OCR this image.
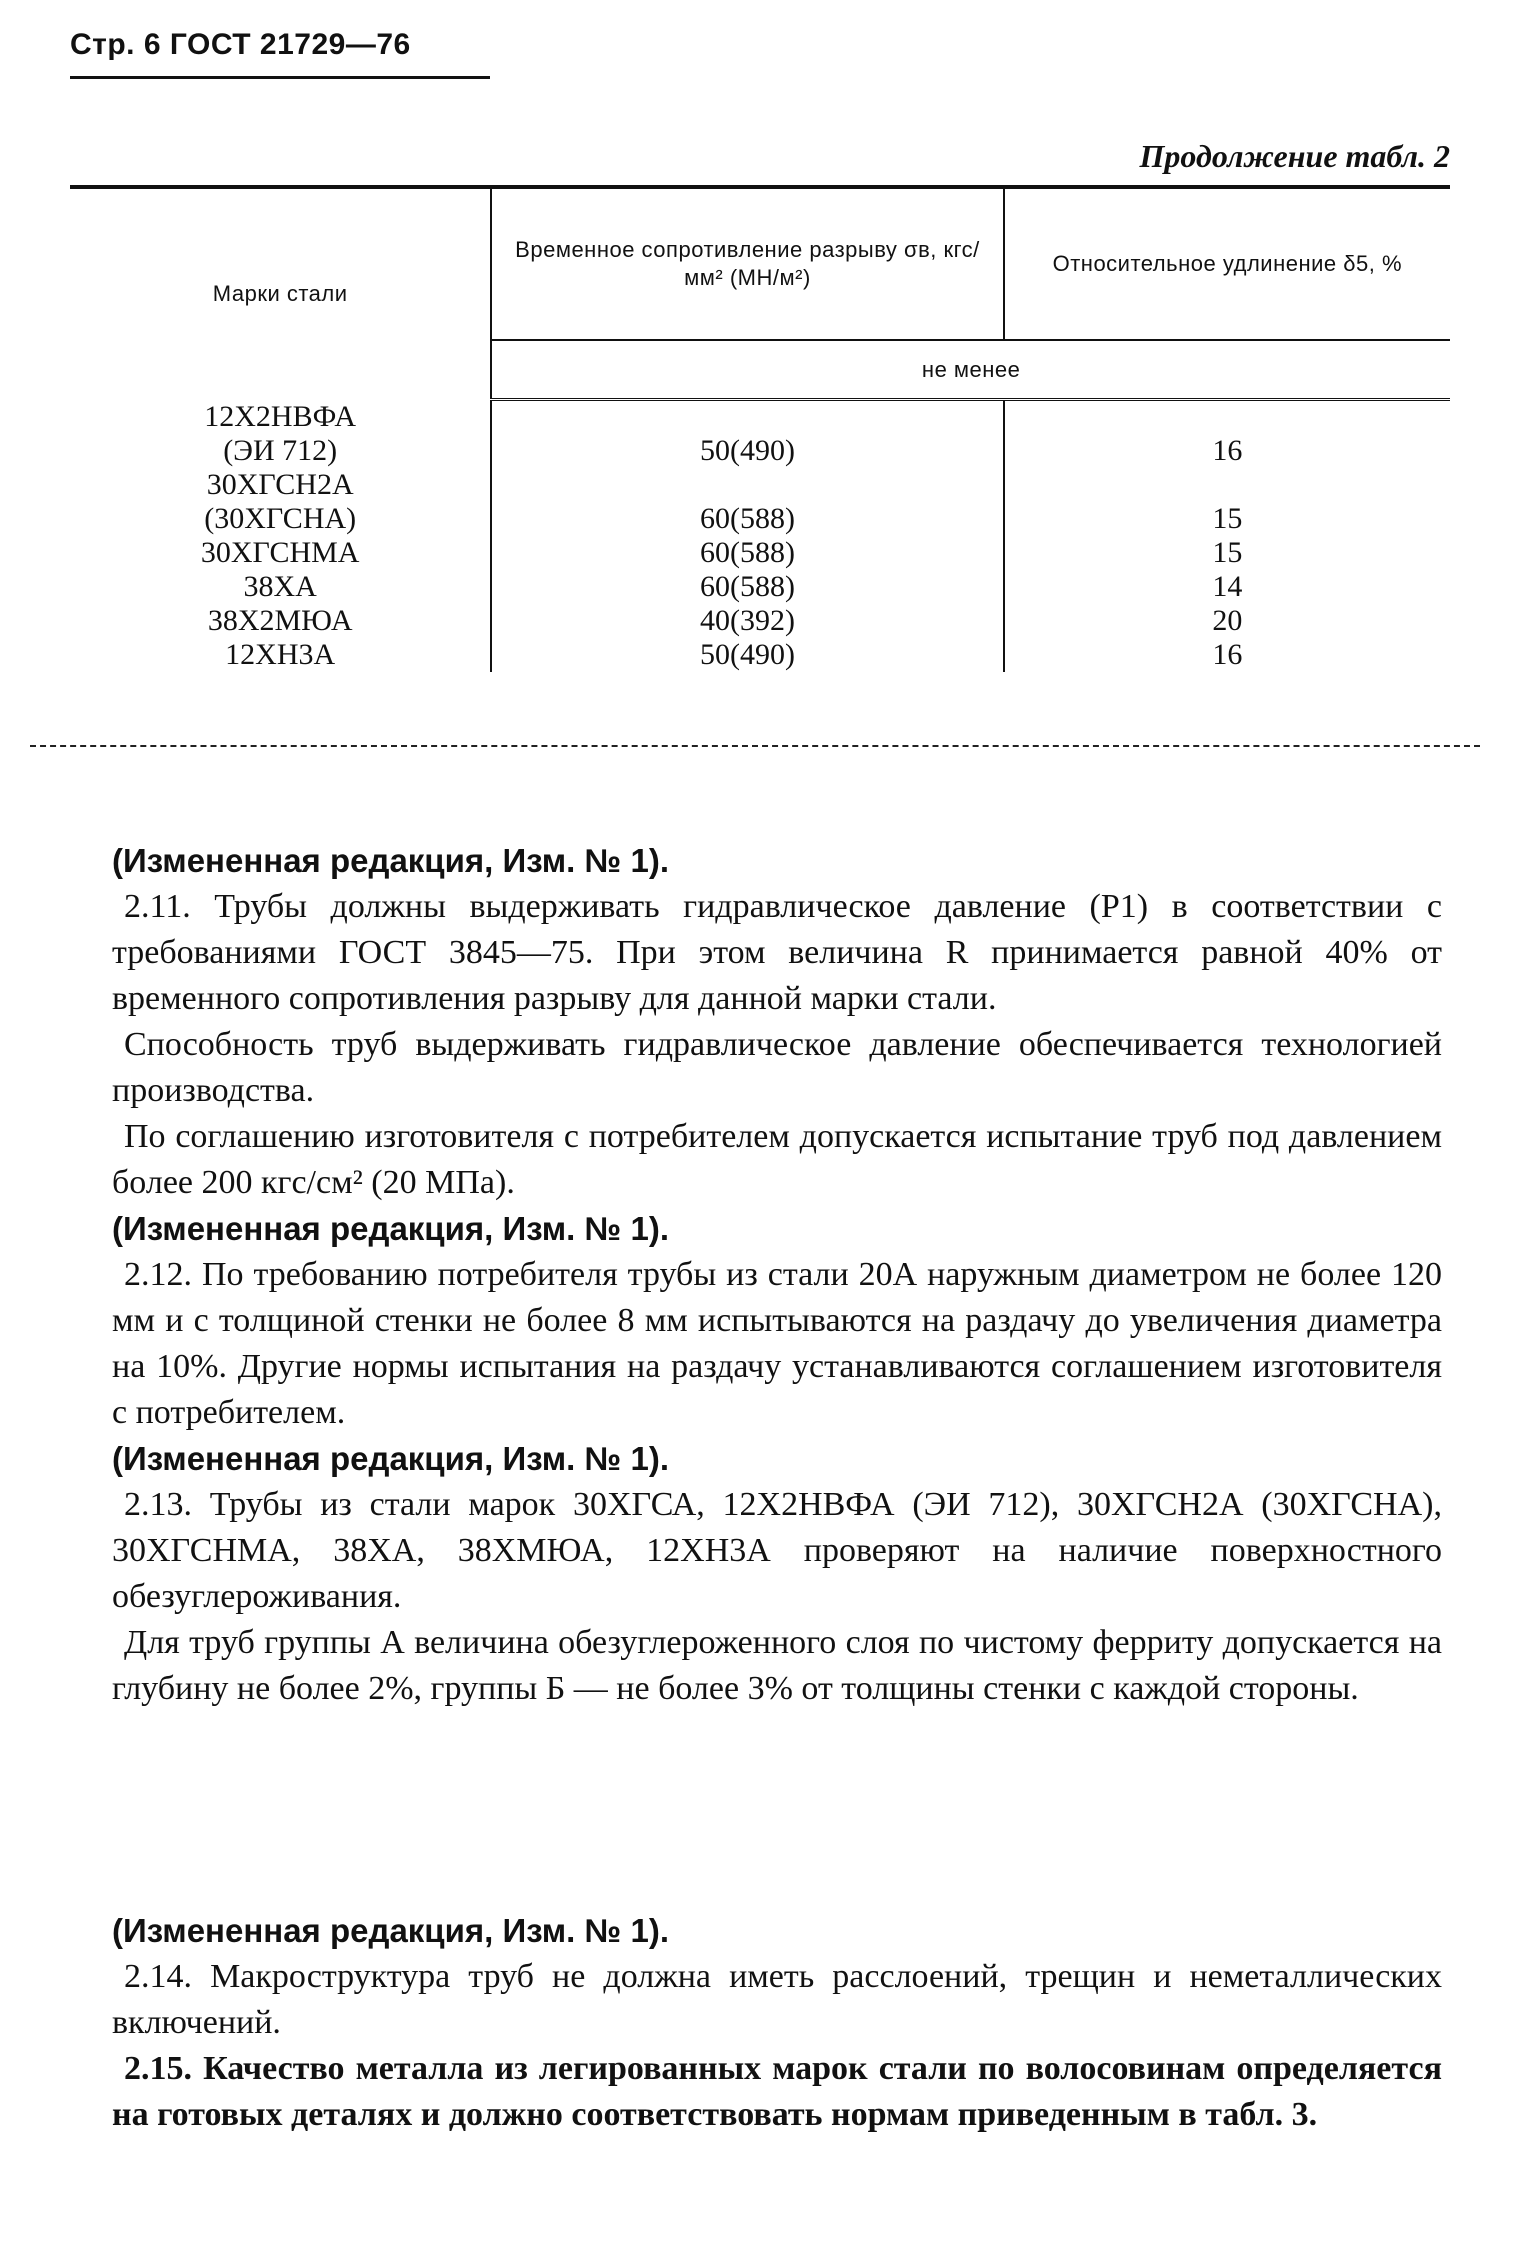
Стр. 6 ГОСТ 21729—76
Продолжение табл. 2
Марки стали	Временное сопротивление разрыву σв, кгс/мм² (МН/м²)	Относительное удлинение δ5, %
	не менее	
12Х2НВФА		
(ЭИ 712)	50(490)	16
30ХГСН2А		
(30ХГСНА)	60(588)	15
30ХГСНМА	60(588)	15
38ХА	60(588)	14
38Х2МЮА	40(392)	20
12ХН3А	50(490)	16

(Измененная редакция, Изм. № 1).

2.11. Трубы должны выдерживать гидравлическое давление (P1) в соответствии с требованиями ГОСТ 3845—75. При этом величина R принимается равной 40% от временного сопротивления разрыву для данной марки стали.

Способность труб выдерживать гидравлическое давление обеспечивается технологией производства.

По соглашению изготовителя с потребителем допускается испытание труб под давлением более 200 кгс/см² (20 МПа).

(Измененная редакция, Изм. № 1).

2.12. По требованию потребителя трубы из стали 20А наружным диаметром не более 120 мм и с толщиной стенки не более 8 мм испытываются на раздачу до увеличения диаметра на 10%. Другие нормы испытания на раздачу устанавливаются соглашением изготовителя с потребителем.

(Измененная редакция, Изм. № 1).

2.13. Трубы из стали марок 30ХГСА, 12Х2НВФА (ЭИ 712), 30ХГСН2А (30ХГСНА), 30ХГСНМА, 38ХА, 38ХМЮА, 12ХН3А проверяют на наличие поверхностного обезуглероживания.

Для труб группы А величина обезуглероженного слоя по чистому ферриту допускается на глубину не более 2%, группы Б — не более 3% от толщины стенки с каждой стороны.

(Измененная редакция, Изм. № 1).

2.14. Макроструктура труб не должна иметь расслоений, трещин и неметаллических включений.

2.15. Качество металла из легированных марок стали по волосовинам определяется на готовых деталях и должно соответствовать нормам приведенным в табл. 3.
